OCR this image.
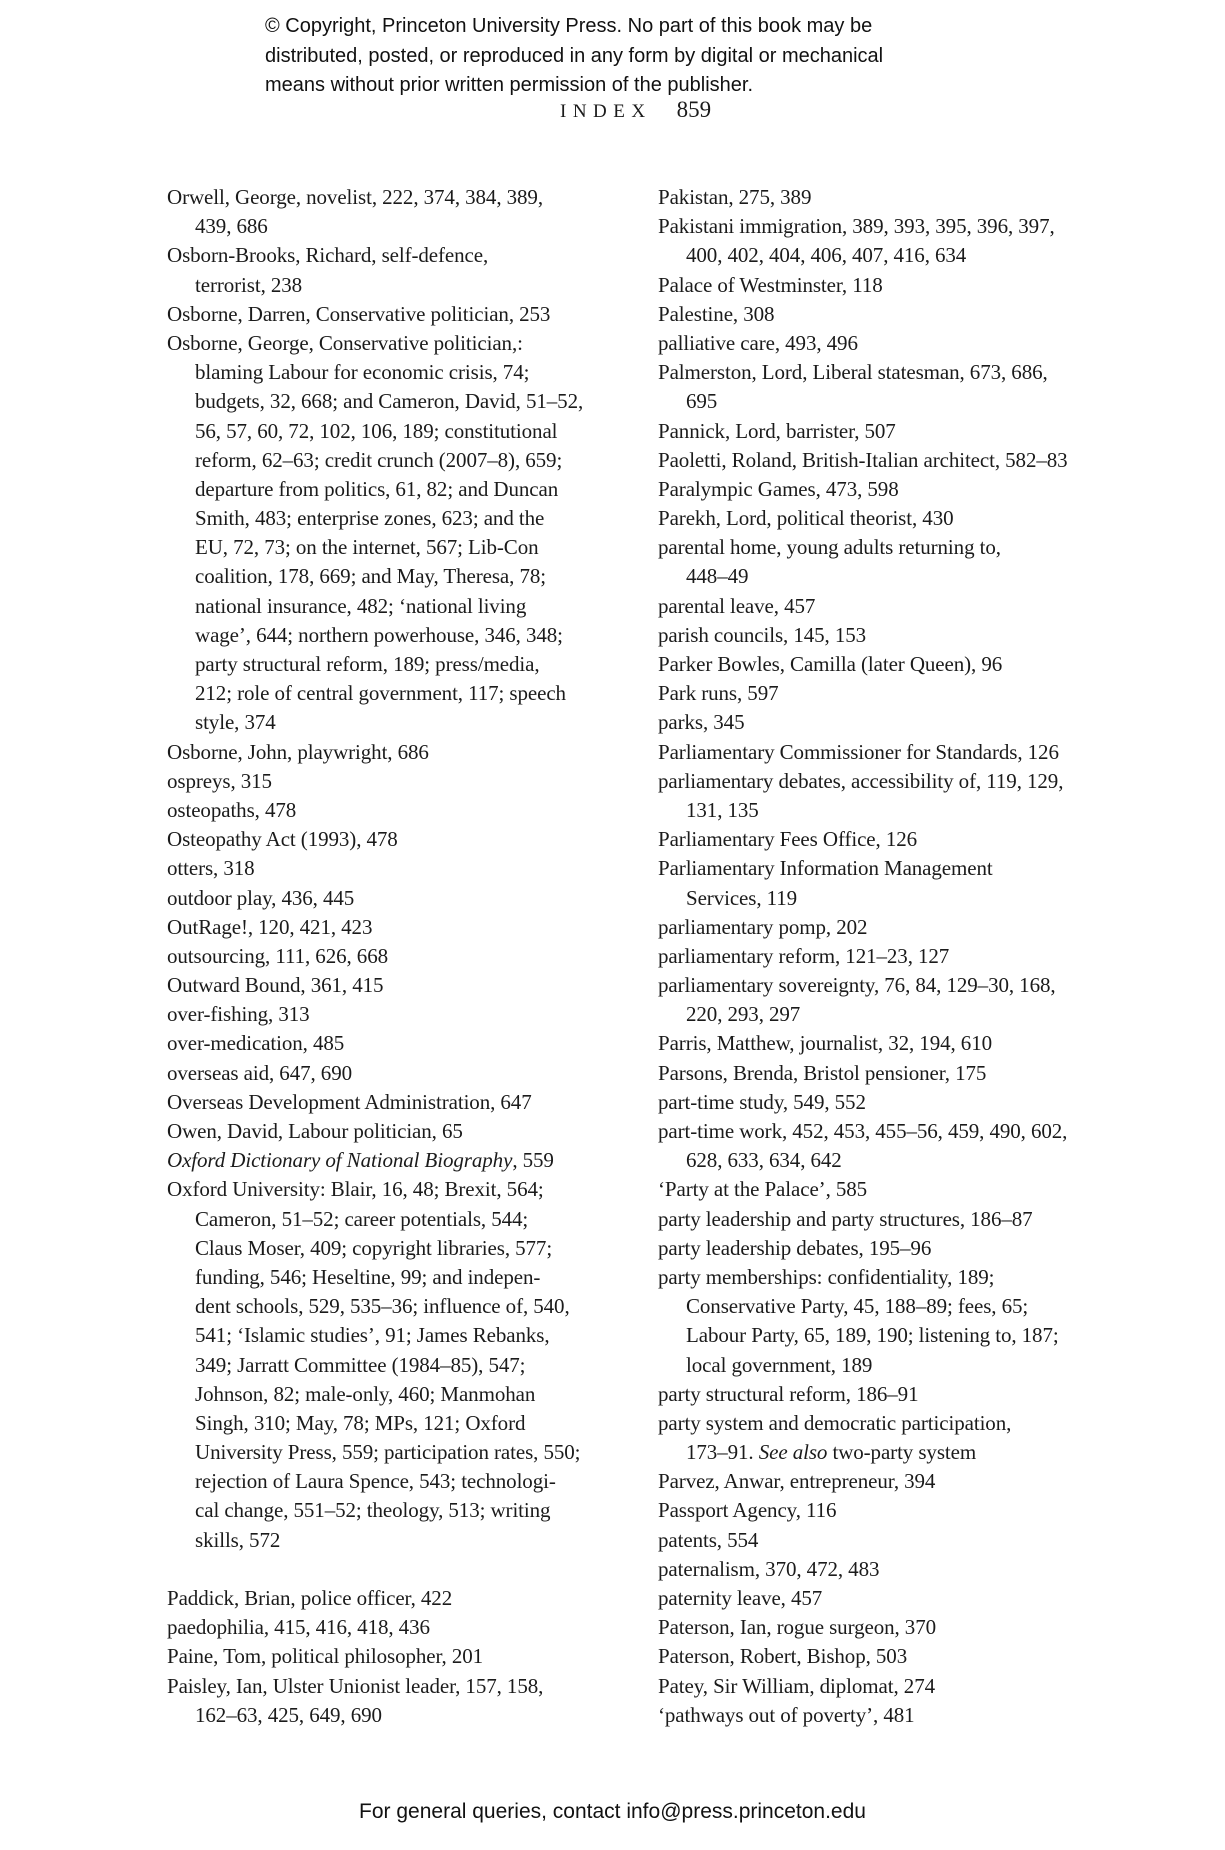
© Copyright, Princeton University Press. No part of this book may be
distributed, posted, or reproduced in any form by digital or mechanical
means without prior written permission of the publisher.
INDEX 859
Orwell, George, novelist, 222, 374, 384, 389,
439, 686
Osborn-Brooks, Richard, self-defence,
terrorist, 238
Osborne, Darren, Conservative politician, 253
Osborne, George, Conservative politician,:
blaming Labour for economic crisis, 74;
budgets, 32, 668; and Cameron, David, 51–52,
56, 57, 60, 72, 102, 106, 189; constitutional
reform, 62–63; credit crunch (2007–8), 659;
departure from politics, 61, 82; and Duncan
Smith, 483; enterprise zones, 623; and the
EU, 72, 73; on the internet, 567; Lib-Con
coalition, 178, 669; and May, Theresa, 78;
national insurance, 482; ‘national living
wage’, 644; northern powerhouse, 346, 348;
party structural reform, 189; press/media,
212; role of central government, 117; speech
style, 374
Osborne, John, playwright, 686
ospreys, 315
osteopaths, 478
Osteopathy Act (1993), 478
otters, 318
outdoor play, 436, 445
OutRage!, 120, 421, 423
outsourcing, 111, 626, 668
Outward Bound, 361, 415
over-fishing, 313
over-medication, 485
overseas aid, 647, 690
Overseas Development Administration, 647
Owen, David, Labour politician, 65
Oxford Dictionary of National Biography, 559
Oxford University: Blair, 16, 48; Brexit, 564;
Cameron, 51–52; career potentials, 544;
Claus Moser, 409; copyright libraries, 577;
funding, 546; Heseltine, 99; and indepen-
dent schools, 529, 535–36; influence of, 540,
541; ‘Islamic studies’, 91; James Rebanks,
349; Jarratt Committee (1984–85), 547;
Johnson, 82; male-only, 460; Manmohan
Singh, 310; May, 78; MPs, 121; Oxford
University Press, 559; participation rates, 550;
rejection of Laura Spence, 543; technologi-
cal change, 551–52; theology, 513; writing
skills, 572
Paddick, Brian, police officer, 422
paedophilia, 415, 416, 418, 436
Paine, Tom, political philosopher, 201
Paisley, Ian, Ulster Unionist leader, 157, 158,
162–63, 425, 649, 690
Pakistan, 275, 389
Pakistani immigration, 389, 393, 395, 396, 397,
400, 402, 404, 406, 407, 416, 634
Palace of Westminster, 118
Palestine, 308
palliative care, 493, 496
Palmerston, Lord, Liberal statesman, 673, 686,
695
Pannick, Lord, barrister, 507
Paoletti, Roland, British-Italian architect, 582–83
Paralympic Games, 473, 598
Parekh, Lord, political theorist, 430
parental home, young adults returning to,
448–49
parental leave, 457
parish councils, 145, 153
Parker Bowles, Camilla (later Queen), 96
Park runs, 597
parks, 345
Parliamentary Commissioner for Standards, 126
parliamentary debates, accessibility of, 119, 129,
131, 135
Parliamentary Fees Office, 126
Parliamentary Information Management
Services, 119
parliamentary pomp, 202
parliamentary reform, 121–23, 127
parliamentary sovereignty, 76, 84, 129–30, 168,
220, 293, 297
Parris, Matthew, journalist, 32, 194, 610
Parsons, Brenda, Bristol pensioner, 175
part-time study, 549, 552
part-time work, 452, 453, 455–56, 459, 490, 602,
628, 633, 634, 642
‘Party at the Palace’, 585
party leadership and party structures, 186–87
party leadership debates, 195–96
party memberships: confidentiality, 189;
Conservative Party, 45, 188–89; fees, 65;
Labour Party, 65, 189, 190; listening to, 187;
local government, 189
party structural reform, 186–91
party system and democratic participation,
173–91. See also two-party system
Parvez, Anwar, entrepreneur, 394
Passport Agency, 116
patents, 554
paternalism, 370, 472, 483
paternity leave, 457
Paterson, Ian, rogue surgeon, 370
Paterson, Robert, Bishop, 503
Patey, Sir William, diplomat, 274
‘pathways out of poverty’, 481
For general queries, contact info@press.princeton.edu
